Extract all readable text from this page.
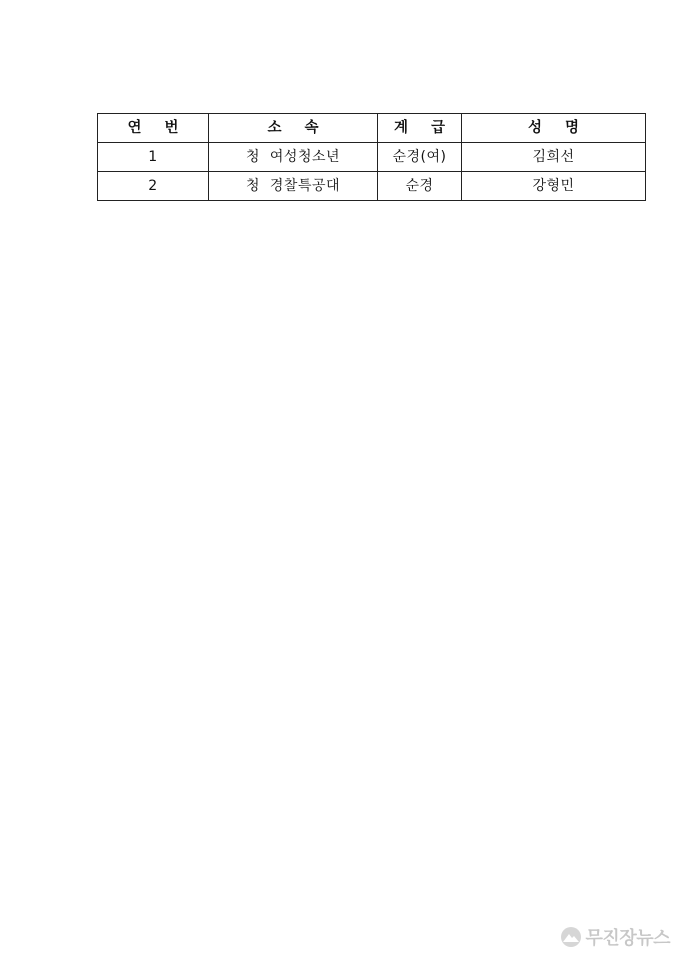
연 번	소 속	계 급	성 명
1	청  여성청소년	순경(여)	김희선
2	청  경찰특공대	순경	강형민
무진장뉴스
